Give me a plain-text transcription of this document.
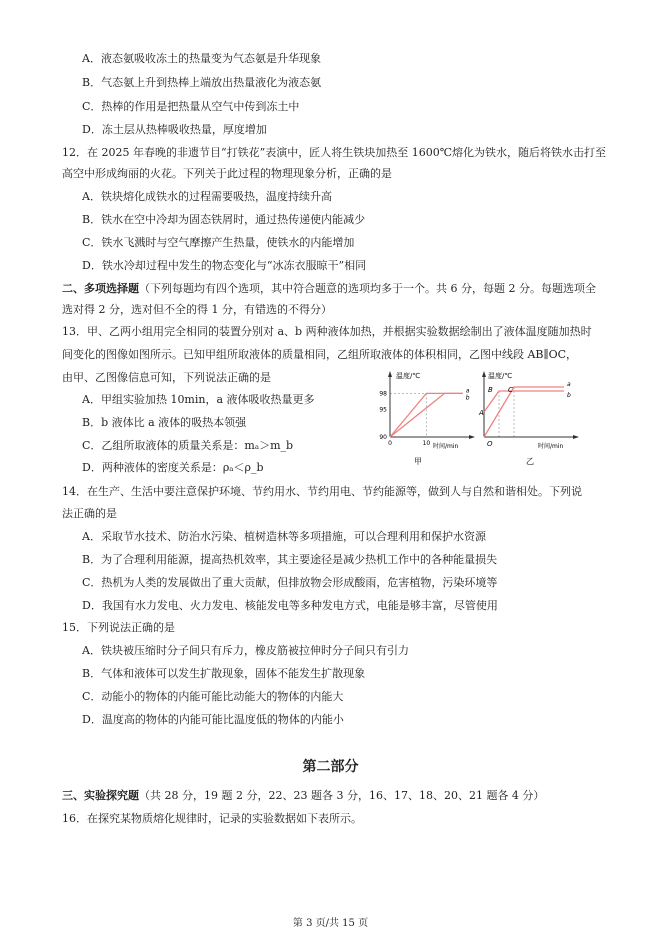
A．液态氨吸收冻土的热量变为气态氨是升华现象
B．气态氨上升到热棒上端放出热量液化为液态氨
C．热棒的作用是把热量从空气中传到冻土中
D．冻土层从热棒吸收热量，厚度增加
12．在 2025 年春晚的非遗节目“打铁花”表演中，匠人将生铁块加热至 1600℃熔化为铁水，随后将铁水击打至
高空中形成绚丽的火花。下列关于此过程的物理现象分析，正确的是
A．铁块熔化成铁水的过程需要吸热，温度持续升高
B．铁水在空中冷却为固态铁屑时，通过热传递使内能减少
C．铁水飞溅时与空气摩擦产生热量，使铁水的内能增加
D．铁水冷却过程中发生的物态变化与“冰冻衣服晾干”相同
二、多项选择题（下列每题均有四个选项，其中符合题意的选项均多于一个。共 6 分，每题 2 分。每题选项全
选对得 2 分，选对但不全的得 1 分，有错选的不得分）
13．甲、乙两小组用完全相同的装置分别对 a、b 两种液体加热，并根据实验数据绘制出了液体温度随加热时
间变化的图像如图所示。已知甲组所取液体的质量相同，乙组所取液体的体积相同，乙图中线段 AB∥OC，
由甲、乙图像信息可知，下列说法正确的是
A．甲组实验加热 10min，a 液体吸收热量更多
B．b 液体比 a 液体的吸热本领强
C．乙组所取液体的质量关系是：mₐ＞m_b
D．两种液体的密度关系是：ρₐ＜ρ_b
a
b
90
95
98
0	10
温度/℃
时间/min
甲
a
b
温度/℃
时间/min
乙
A
B C
O
14．在生产、生活中要注意保护环境、节约用水、节约用电、节约能源等，做到人与自然和谐相处。下列说
法正确的是
A．采取节水技术、防治水污染、植树造林等多项措施，可以合理利用和保护水资源
B．为了合理利用能源，提高热机效率，其主要途径是减少热机工作中的各种能量损失
C．热机为人类的发展做出了重大贡献，但排放物会形成酸雨，危害植物，污染环境等
D．我国有水力发电、火力发电、核能发电等多种发电方式，电能是够丰富，尽管使用
15．下列说法正确的是
A．铁块被压缩时分子间只有斥力，橡皮筋被拉伸时分子间只有引力
B．气体和液体可以发生扩散现象，固体不能发生扩散现象
C．动能小的物体的内能可能比动能大的物体的内能大
D．温度高的物体的内能可能比温度低的物体的内能小
第二部分
三、实验探究题（共 28 分，19 题 2 分，22、23 题各 3 分，16、17、18、20、21 题各 4 分）
16．在探究某物质熔化规律时，记录的实验数据如下表所示。
第 3 页/共 15 页
